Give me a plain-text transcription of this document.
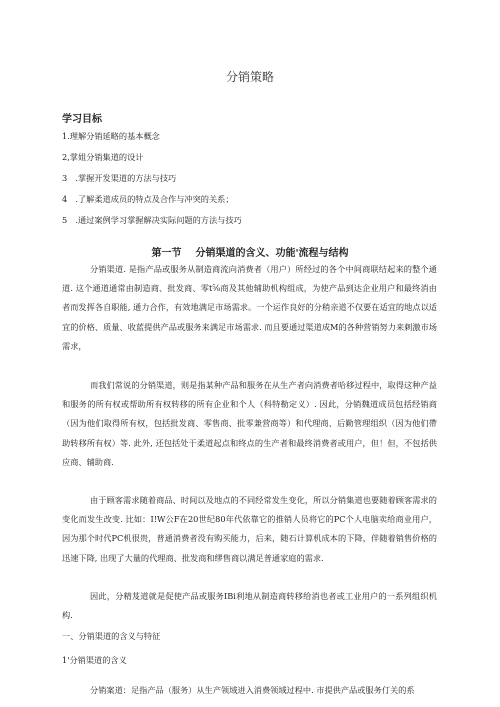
分销策略
学习目标
1.理解分销延略的基本概念
2,掌姐分销集道的设计
3　.掌握开发渠道的方法与技巧
4　.了解柔道成员的特点及合作与冲突的关系；
5　.通过案例学习掌握解决实际问题的方法与技巧
第一节 分销渠道的含义、功能'流程与结构

分销渠道. 是指产品或服务从制造商流向消费者（用户）所经过的各个中间商联结起来的整个通道. 这个通道通常由制造商、批发商、零t⅝商及其他辅助机构组成，为使产品到达企业用户和最终消由者而发挥各自职能, 通力合作，有效地满足市场需求。一个运作良好的分稍亲道不仅要在适宜的地点以适宜的价格、质量、收蓝提供产品或服务来满足市场需求. 而且要通过渠道成M的各种营销努力来刺激市场需求，

而我们常说的分销渠道，则是指某种产品和服务在从生产者向消费者哈移过程中，取得这种产益和服务的所有权或帮助所有权转移的所有企业和个人（科特勒定义）. 因此，分销魏道成员包括经销商（因为他们取得所有权，包括批发商、零售商、批零兼营商等）和代理商、后勤管理组织（因为他们帶助转移所有权）等. 此外, 还包括处于柔道起点和终点的生产者和最终消费者或用户，但！但，不包括供应商、辅助商.

由于顾客需求随着商品、时间以及地点的不同经常发生变化，所以分销集道也要随着顾客需求的变化而发生改变. 比如：I!W公F在20世纪80年代依靠它的推销人员将它的PC个人电脑卖给商业用户，因为那个时代PC机很贵，普通消费者没有购买能力，后来，随石计算机成本的下降，伴随着销售价格的迅速下降, 出现了大量的代理商、批发商和缪售商以满足普通家庭的需求.

因此，分精芨道就是促使产品或服务IBi利地从制造商转移给消也者或工业用户的一系列组织机构.

一、分销渠道的含义与特征
1'分销渠道的含义
分销案道：足指产品（服务）从生产领域进入消费领域过程中. 市提供产品或服务仃关的系
